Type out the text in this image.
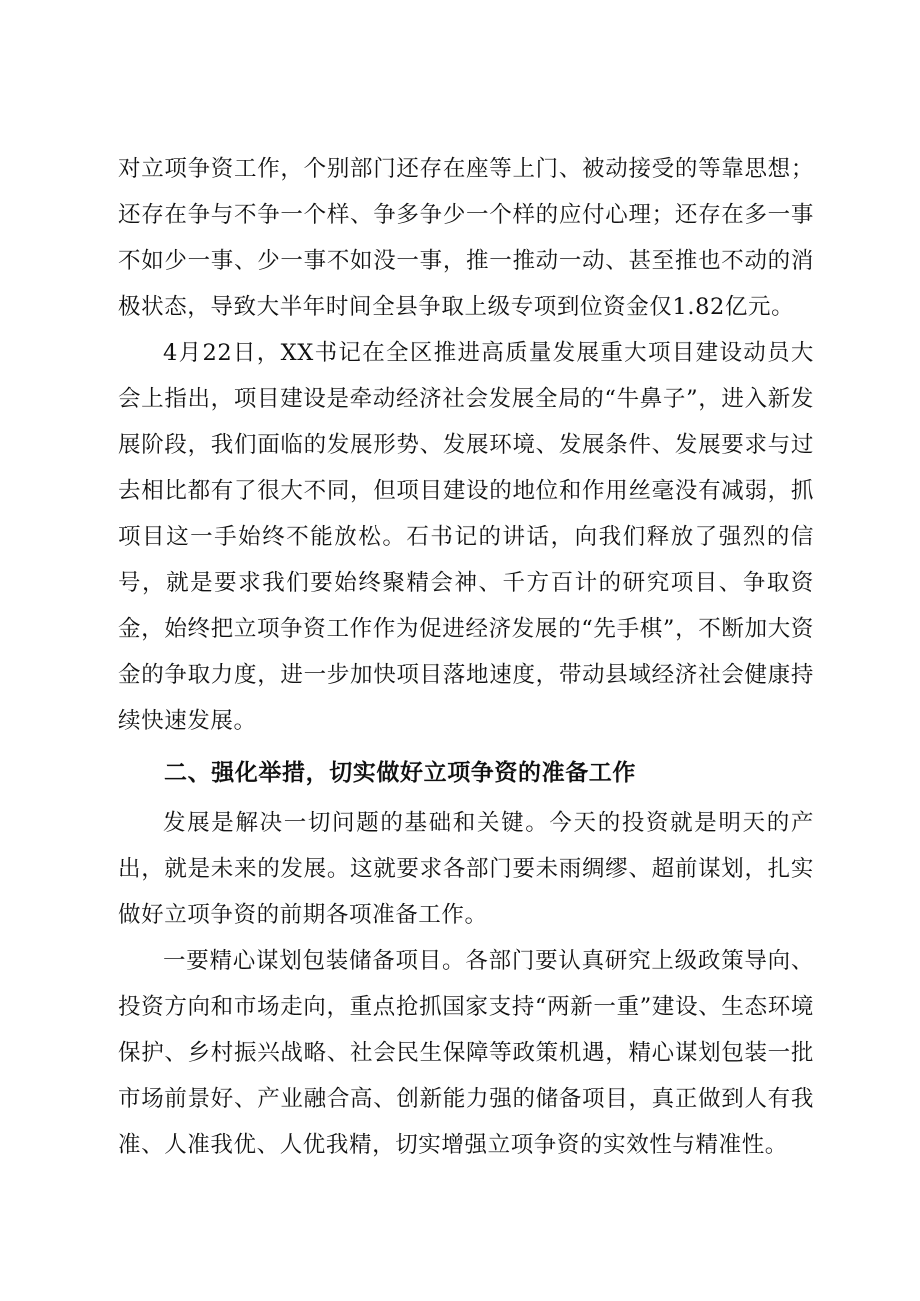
对立项争资工作，个别部门还存在座等上门、被动接受的等靠思想；还存在争与不争一个样、争多争少一个样的应付心理；还存在多一事不如少一事、少一事不如没一事，推一推动一动、甚至推也不动的消极状态，导致大半年时间全县争取上级专项到位资金仅1.82亿元。

4月22日，XX书记在全区推进高质量发展重大项目建设动员大会上指出，项目建设是牵动经济社会发展全局的“牛鼻子”，进入新发展阶段，我们面临的发展形势、发展环境、发展条件、发展要求与过去相比都有了很大不同，但项目建设的地位和作用丝毫没有减弱，抓项目这一手始终不能放松。石书记的讲话，向我们释放了强烈的信号，就是要求我们要始终聚精会神、千方百计的研究项目、争取资金，始终把立项争资工作作为促进经济发展的“先手棋”，不断加大资金的争取力度，进一步加快项目落地速度，带动县域经济社会健康持续快速发展。

二、强化举措，切实做好立项争资的准备工作

发展是解决一切问题的基础和关键。今天的投资就是明天的产出，就是未来的发展。这就要求各部门要未雨绸缪、超前谋划，扎实做好立项争资的前期各项准备工作。

一要精心谋划包装储备项目。各部门要认真研究上级政策导向、投资方向和市场走向，重点抢抓国家支持“两新一重”建设、生态环境保护、乡村振兴战略、社会民生保障等政策机遇，精心谋划包装一批市场前景好、产业融合高、创新能力强的储备项目，真正做到人有我准、人准我优、人优我精，切实增强立项争资的实效性与精准性。
